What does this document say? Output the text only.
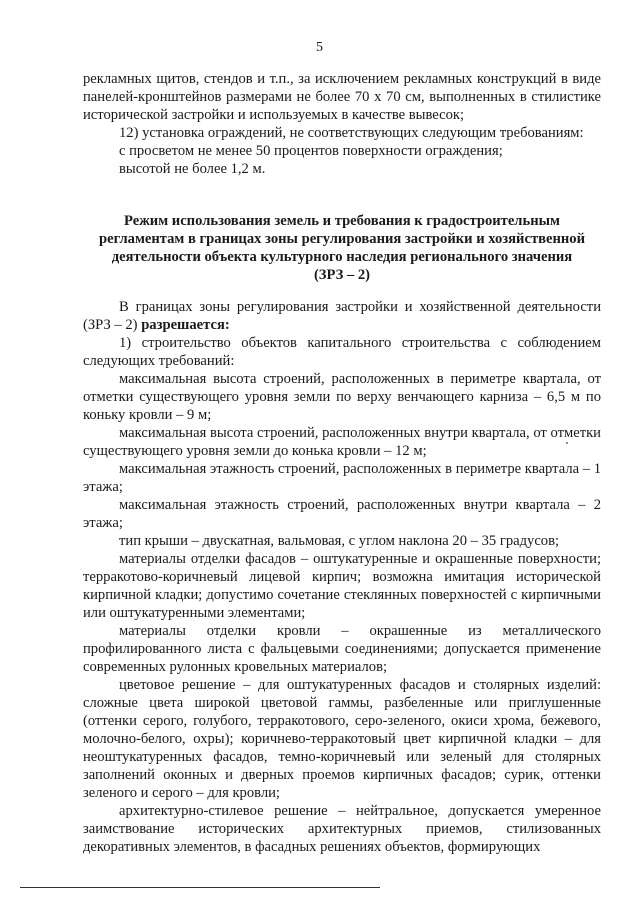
5

рекламных щитов, стендов и т.п., за исключением рекламных конструкций в виде панелей-кронштейнов размерами не более 70 х 70 см, выполненных в стилистике исторической застройки и используемых в качестве вывесок;

12) установка ограждений, не соответствующих следующим требованиям:

с просветом не менее 50 процентов поверхности ограждения;

высотой не более 1,2 м.

Режим использования земель и требования к градостроительным
регламентам в границах зоны регулирования застройки и хозяйственной
деятельности объекта культурного наследия регионального значения
(ЗРЗ – 2)

В границах зоны регулирования застройки и хозяйственной деятельности (ЗРЗ – 2) разрешается:

1) строительство объектов капитального строительства с соблюдением следующих требований:

максимальная высота строений, расположенных в периметре квартала, от отметки существующего уровня земли по верху венчающего карниза – 6,5 м по коньку кровли – 9 м;

максимальная высота строений, расположенных внутри квартала, от отметки существующего уровня земли до конька кровли – 12 м;

максимальная этажность строений, расположенных в периметре квартала – 1 этажа;

максимальная этажность строений, расположенных внутри квартала – 2 этажа;

тип крыши – двускатная, вальмовая, с углом наклона 20 – 35 градусов;

материалы отделки фасадов – оштукатуренные и окрашенные поверхности; терракотово-коричневый лицевой кирпич; возможна имитация исторической кирпичной кладки; допустимо сочетание стеклянных поверхностей с кирпичными или оштукатуренными элементами;

материалы отделки кровли – окрашенные из металлического профилированного листа с фальцевыми соединениями; допускается применение современных рулонных кровельных материалов;

цветовое решение – для оштукатуренных фасадов и столярных изделий: сложные цвета широкой цветовой гаммы, разбеленные или приглушенные (оттенки серого, голубого, терракотового, серо-зеленого, окиси хрома, бежевого, молочно-белого, охры); коричнево-терракотовый цвет кирпичной кладки – для неоштукатуренных фасадов, темно-коричневый или зеленый для столярных заполнений оконных и дверных проемов кирпичных фасадов; сурик, оттенки зеленого и серого – для кровли;

архитектурно-стилевое решение – нейтральное, допускается умеренное заимствование исторических архитектурных приемов, стилизованных декоративных элементов, в фасадных решениях объектов, формирующих
